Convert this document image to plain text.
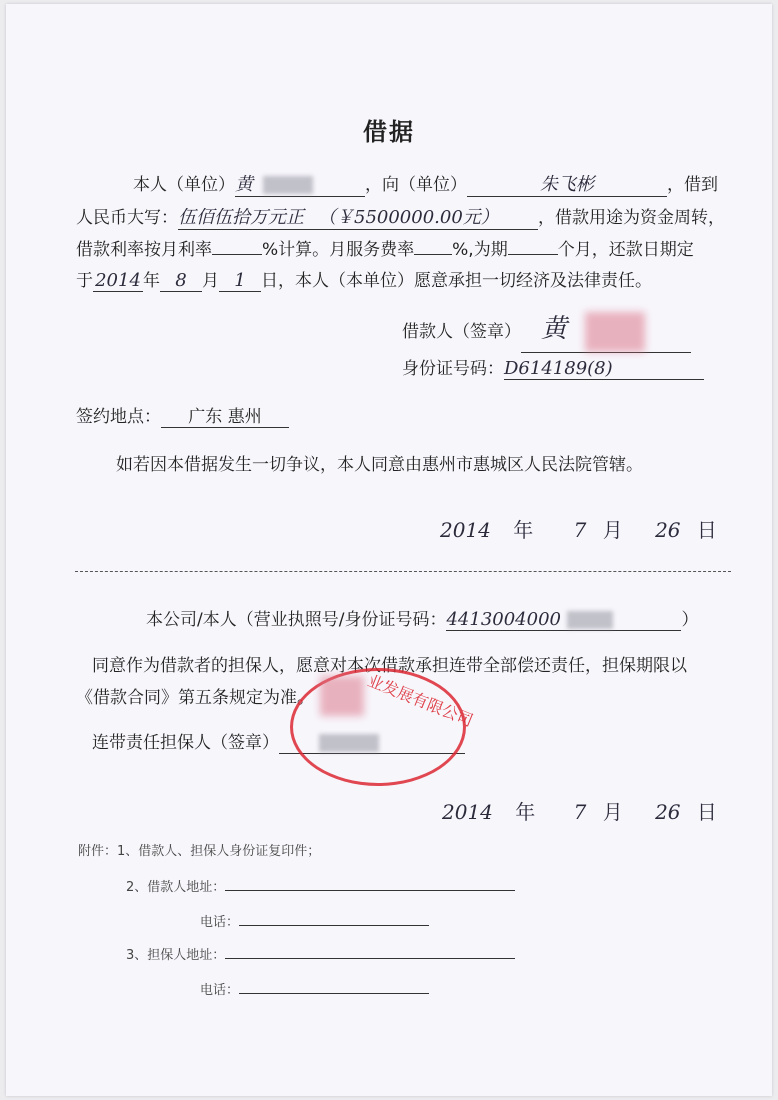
借据
本人（单位）黄	，向（单位）	朱飞彬	，借到
人民币大写：伍佰伍拾万元正 （￥5500000.00元） ，借款用途为资金周转，
借款利率按月利率	%计算。月服务费率 %,为期	个月，还款日期定
于 2014 年 8 月 1 日，本人（本单位）愿意承担一切经济及法律责任。
借款人（签章） 黄
身份证号码：D614189(8)
签约地点： 广东 惠州
如若因本借据发生一切争议，本人同意由惠州市惠城区人民法院管辖。
2014 年 7 月 26 日
本公司/本人（营业执照号/身份证号码：4413004000	）
同意作为借款者的担保人，愿意对本次借款承担连带全部偿还责任，担保期限以
《借款合同》第五条规定为准。
连带责任担保人（签章）
业发展有限公司
2014 年 7 月 26 日
附件：1、借款人、担保人身份证复印件；
2、借款人地址：
电话：
3、担保人地址：
电话：
